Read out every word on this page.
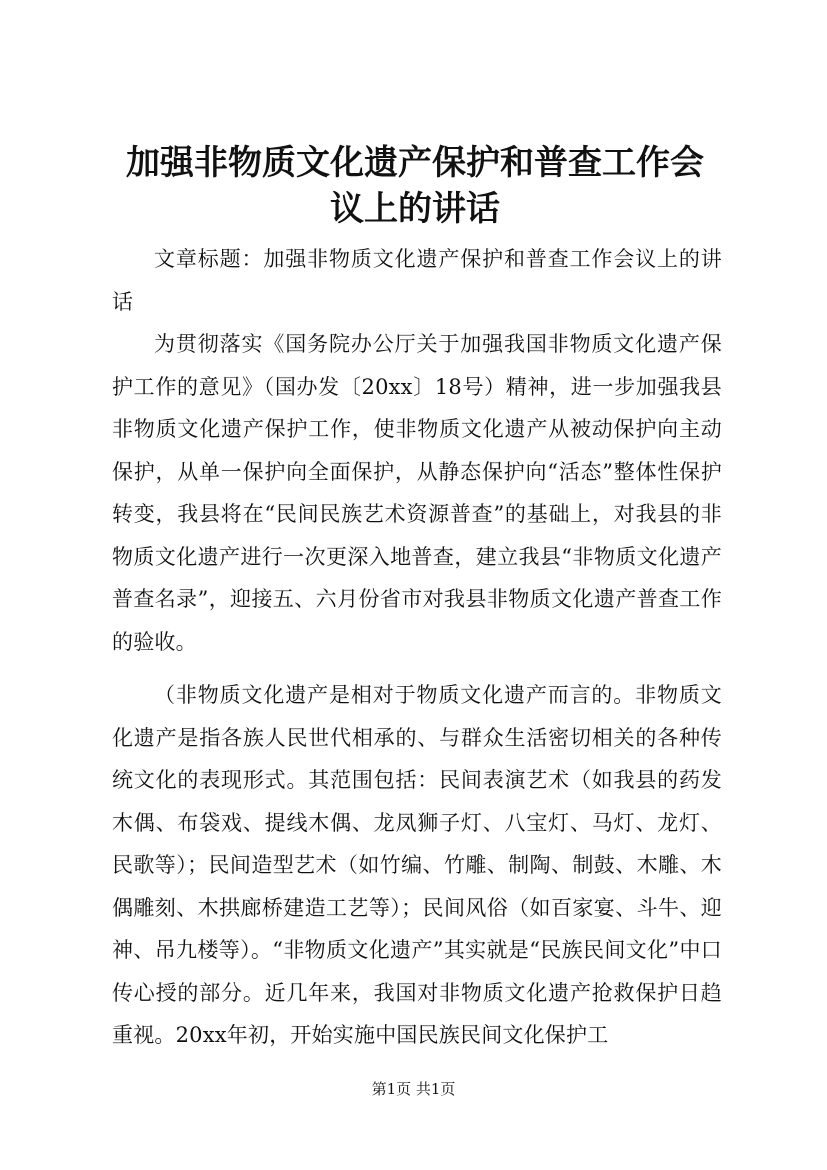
加强非物质文化遗产保护和普查工作会议上的讲话

文章标题：加强非物质文化遗产保护和普查工作会议上的讲话

为贯彻落实《国务院办公厅关于加强我国非物质文化遗产保护工作的意见》（国办发〔20xx〕18号）精神，进一步加强我县非物质文化遗产保护工作，使非物质文化遗产从被动保护向主动保护，从单一保护向全面保护，从静态保护向“活态”整体性保护转变，我县将在“民间民族艺术资源普查”的基础上，对我县的非物质文化遗产进行一次更深入地普查，建立我县“非物质文化遗产普查名录”，迎接五、六月份省市对我县非物质文化遗产普查工作的验收。

（非物质文化遗产是相对于物质文化遗产而言的。非物质文化遗产是指各族人民世代相承的、与群众生活密切相关的各种传统文化的表现形式。其范围包括：民间表演艺术（如我县的药发木偶、布袋戏、提线木偶、龙凤狮子灯、八宝灯、马灯、龙灯、民歌等）；民间造型艺术（如竹编、竹雕、制陶、制鼓、木雕、木偶雕刻、木拱廊桥建造工艺等）；民间风俗（如百家宴、斗牛、迎神、吊九楼等）。“非物质文化遗产”其实就是“民族民间文化”中口传心授的部分。近几年来，我国对非物质文化遗产抢救保护日趋重视。20xx年初，开始实施中国民族民间文化保护工

第1页 共1页
